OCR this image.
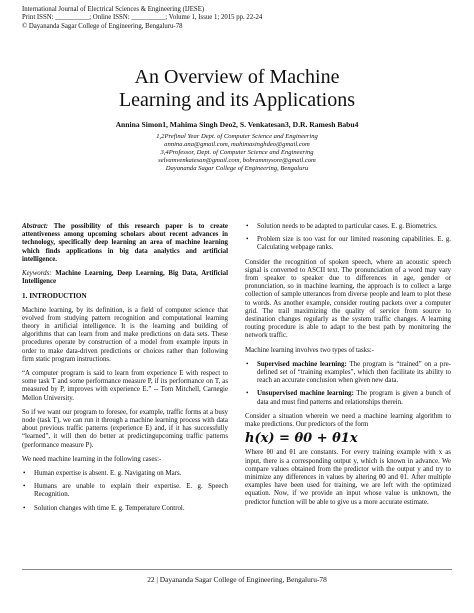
International Journal of Electrical Sciences & Engineering (IJESE)
Print ISSN: __________; Online ISSN: __________; Volume 1, Issue 1; 2015 pp. 22-24
© Dayananda Sagar College of Engineering, Bengaluru-78
An Overview of Machine
Learning and its Applications
Annina Simon1, Mahima Singh Deo2, S. Venkatesan3, D.R. Ramesh Babu4
1,2Prefinal Year Dept. of Computer Science and Engineering
annina.ana@gmail.com, mahimasinghdeo@gmail.com
3,4Professor, Dept. of Computer Science and Engineering
selvamvenkatesan@gmail.com, bobrammysore@gmail.com
Dayananda Sagar College of Engineering, Bengaluru

Abstract: The possibility of this research paper is to create attentiveness among upcoming scholars about recent advances in technology, specifically deep learning an area of machine learning which finds applications in big data analytics and artificial intelligence.

Keywords: Machine Learning, Deep Learning, Big Data, Artificial Intelligence

1. INTRODUCTION

Machine learning, by its definition, is a field of computer science that evolved from studying pattern recognition and computational learning theory in artificial intelligence. It is the learning and building of algorithms that can learn from and make predictions on data sets. These procedures operate by construction of a model from example inputs in order to make data-driven predictions or choices rather than following firm static program instructions.

“A computer program is said to learn from experience E with respect to some task T and some performance measure P, if its performance on T, as measured by P, improves with experience E.” -- Tom Mitchell, Carnegie Mellon University.

So if we want our program to foresee, for example, traffic forms at a busy node (task T), we can run it through a machine learning process with data about previous traffic patterns (experience E) and, if it has successfully “learned”, it will then do better at predictingupcoming traffic patterns (performance measure P).

We need machine learning in the following cases:-

• Human expertise is absent. E. g. Navigating on Mars.
• Humans are unable to explain their expertise. E. g. Speech Recognition.
• Solution changes with time E. g. Temperature Control.
• Solution needs to be adapted to particular cases. E. g. Biometrics.
• Problem size is too vast for our limited reasoning capabilities. E. g. Calculating webpage ranks.

Consider the recognition of spoken speech, where an acoustic speech signal is converted to ASCII text. The pronunciation of a word may vary from speaker to speaker due to differences in age, gender or pronunciation, so in machine learning, the approach is to collect a large collection of sample utterances from diverse people and learn to plot these to words. As another example, consider routing packets over a computer grid. The trail maximizing the quality of service from source to destination changes regularly as the system traffic changes. A learning routing procedure is able to adapt to the best path by monitoring the network traffic.

Machine learning involves two types of tasks:-

• Supervised machine learning: The program is “trained” on a pre-defined set of “training examples”, which then facilitate its ability to reach an accurate conclusion when given new data.
• Unsupervised machine learning: The program is given a bunch of data and must find patterns and relationships therein.

Consider a situation wherein we need a machine learning algorithm to make predictions. Our predictors of the form

h(x) = θ0 + θ1x

Where θ0 and θ1 are constants. For every training example with x as input, there is a corresponding output y, which is known in advance. We compare values obtained from the predictor with the output y and try to minimize any differences in values by altering θ0 and θ1. After multiple examples have been used for training, we are left with the optimized equation. Now, if we provide an input whose value is unknown, the predictor function will be able to give us a more accurate estimate.

22 | Dayananda Sagar College of Engineering, Bengaluru-78
